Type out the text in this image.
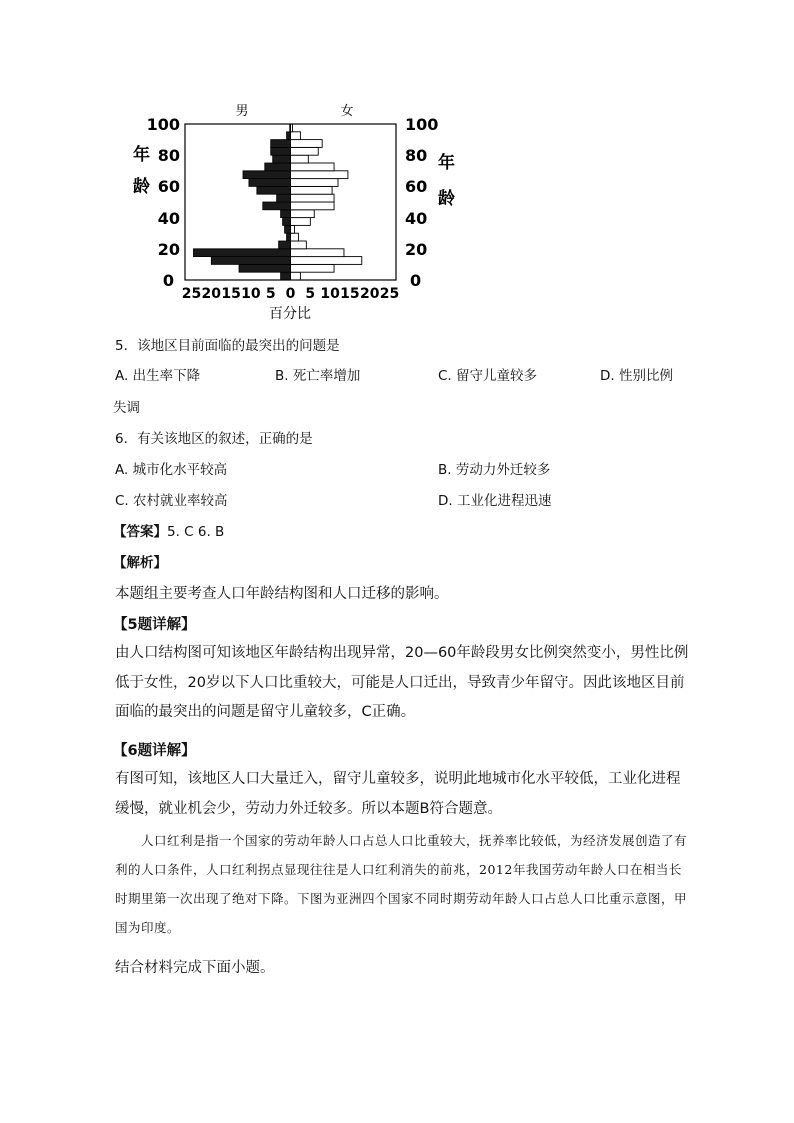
男	女
100
80
60
40
20
0
100
80
60
40
20
0
年
龄
年
龄
25 20 15 10 5 0 5 10 15 20 25
百分比
5．该地区目前面临的最突出的问题是
A. 出生率下降	B. 死亡率增加	C. 留守儿童较多	D. 性别比例
失调
6．有关该地区的叙述，正确的是
A. 城市化水平较高	B. 劳动力外迁较多
C. 农村就业率较高	D. 工业化进程迅速
【答案】5. C 6. B
【解析】
本题组主要考查人口年龄结构图和人口迁移的影响。
【5题详解】
由人口结构图可知该地区年龄结构出现异常，20—60年龄段男女比例突然变小，男性比例低于女性，20岁以下人口比重较大，可能是人口迁出，导致青少年留守。因此该地区目前面临的最突出的问题是留守儿童较多，C正确。
【6题详解】
有图可知，该地区人口大量迁入，留守儿童较多，说明此地城市化水平较低，工业化进程缓慢，就业机会少，劳动力外迁较多。所以本题B符合题意。
人口红利是指一个国家的劳动年龄人口占总人口比重较大，抚养率比较低，为经济发展创造了有利的人口条件，人口红利拐点显现往往是人口红利消失的前兆，2012年我国劳动年龄人口在相当长时期里第一次出现了绝对下降。下图为亚洲四个国家不同时期劳动年龄人口占总人口比重示意图，甲国为印度。
结合材料完成下面小题。
